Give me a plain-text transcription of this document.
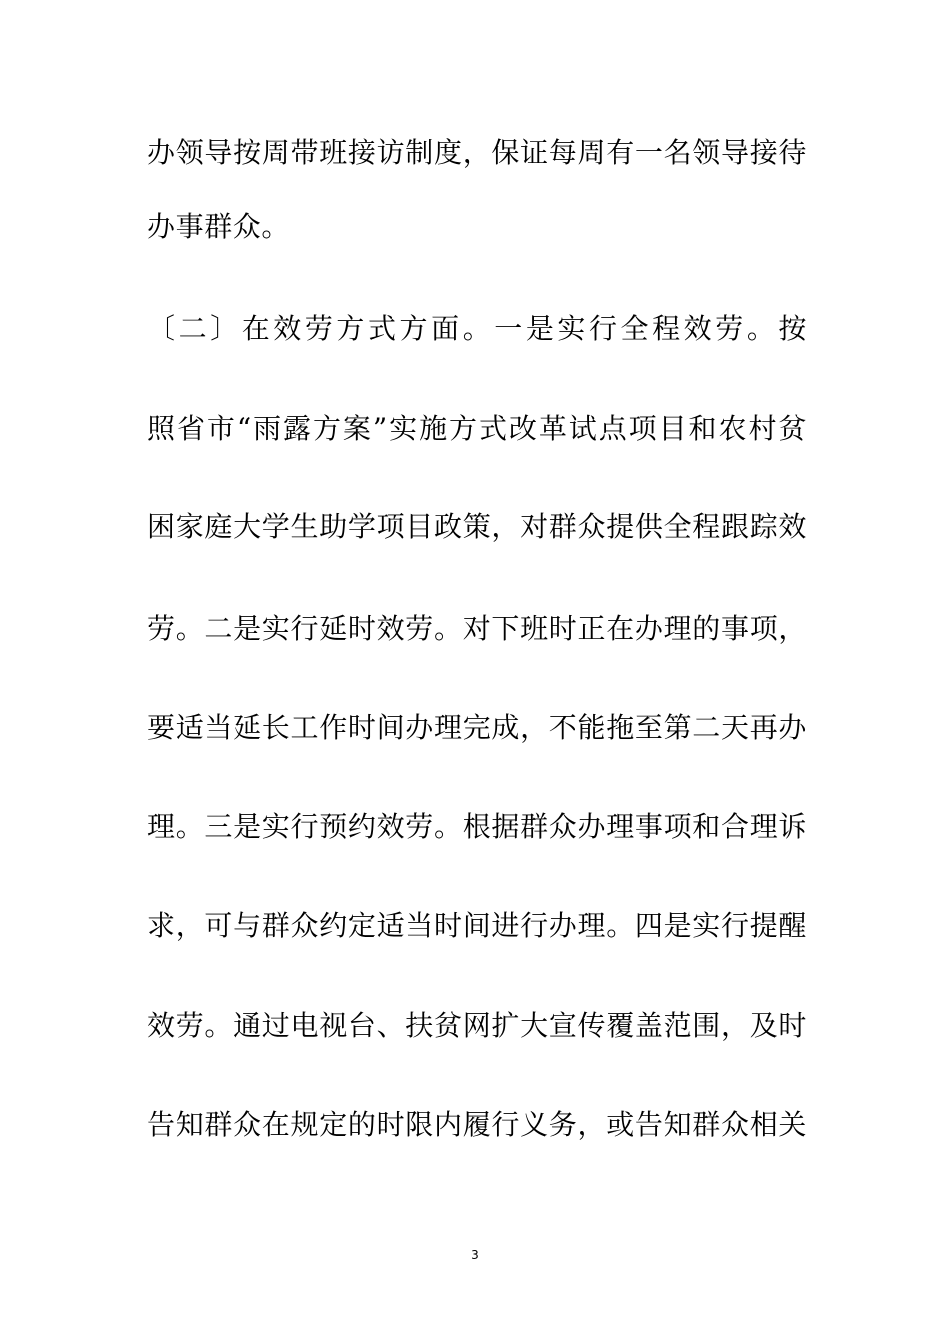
办领导按周带班接访制度，保证每周有一名领导接待
办事群众。
〔二〕在效劳方式方面。一是实行全程效劳。按
照省市“雨露方案”实施方式改革试点项目和农村贫
困家庭大学生助学项目政策，对群众提供全程跟踪效
劳。二是实行延时效劳。对下班时正在办理的事项，
要适当延长工作时间办理完成，不能拖至第二天再办
理。三是实行预约效劳。根据群众办理事项和合理诉
求，可与群众约定适当时间进行办理。四是实行提醒
效劳。通过电视台、扶贫网扩大宣传覆盖范围，及时
告知群众在规定的时限内履行义务，或告知群众相关
3
